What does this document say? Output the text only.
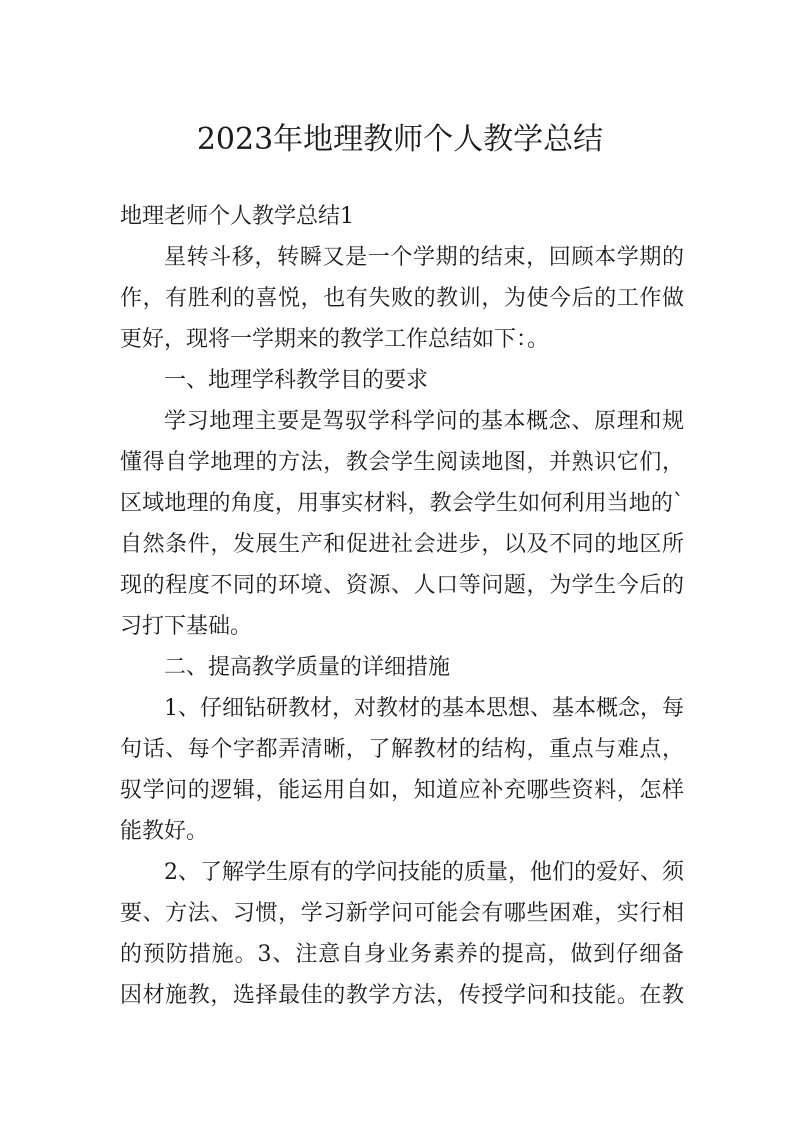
2023年地理教师个人教学总结
地理老师个人教学总结1
星转斗移，转瞬又是一个学期的结束，回顾本学期的
作，有胜利的喜悦，也有失败的教训，为使今后的工作做
更好，现将一学期来的教学工作总结如下：。
一、地理学科教学目的要求
学习地理主要是驾驭学科学问的基本概念、原理和规
懂得自学地理的方法，教会学生阅读地图，并熟识它们，
区域地理的角度，用事实材料，教会学生如何利用当地的`
自然条件，发展生产和促进社会进步，以及不同的地区所
现的程度不同的环境、资源、人口等问题，为学生今后的
习打下基础。
二、提高教学质量的详细措施
1、仔细钻研教材，对教材的基本思想、基本概念，每
句话、每个字都弄清晰，了解教材的结构，重点与难点，
驭学问的逻辑，能运用自如，知道应补充哪些资料，怎样
能教好。
2、了解学生原有的学问技能的质量，他们的爱好、须
要、方法、习惯，学习新学问可能会有哪些困难，实行相
的预防措施。3、注意自身业务素养的提高，做到仔细备
因材施教，选择最佳的教学方法，传授学问和技能。在教
